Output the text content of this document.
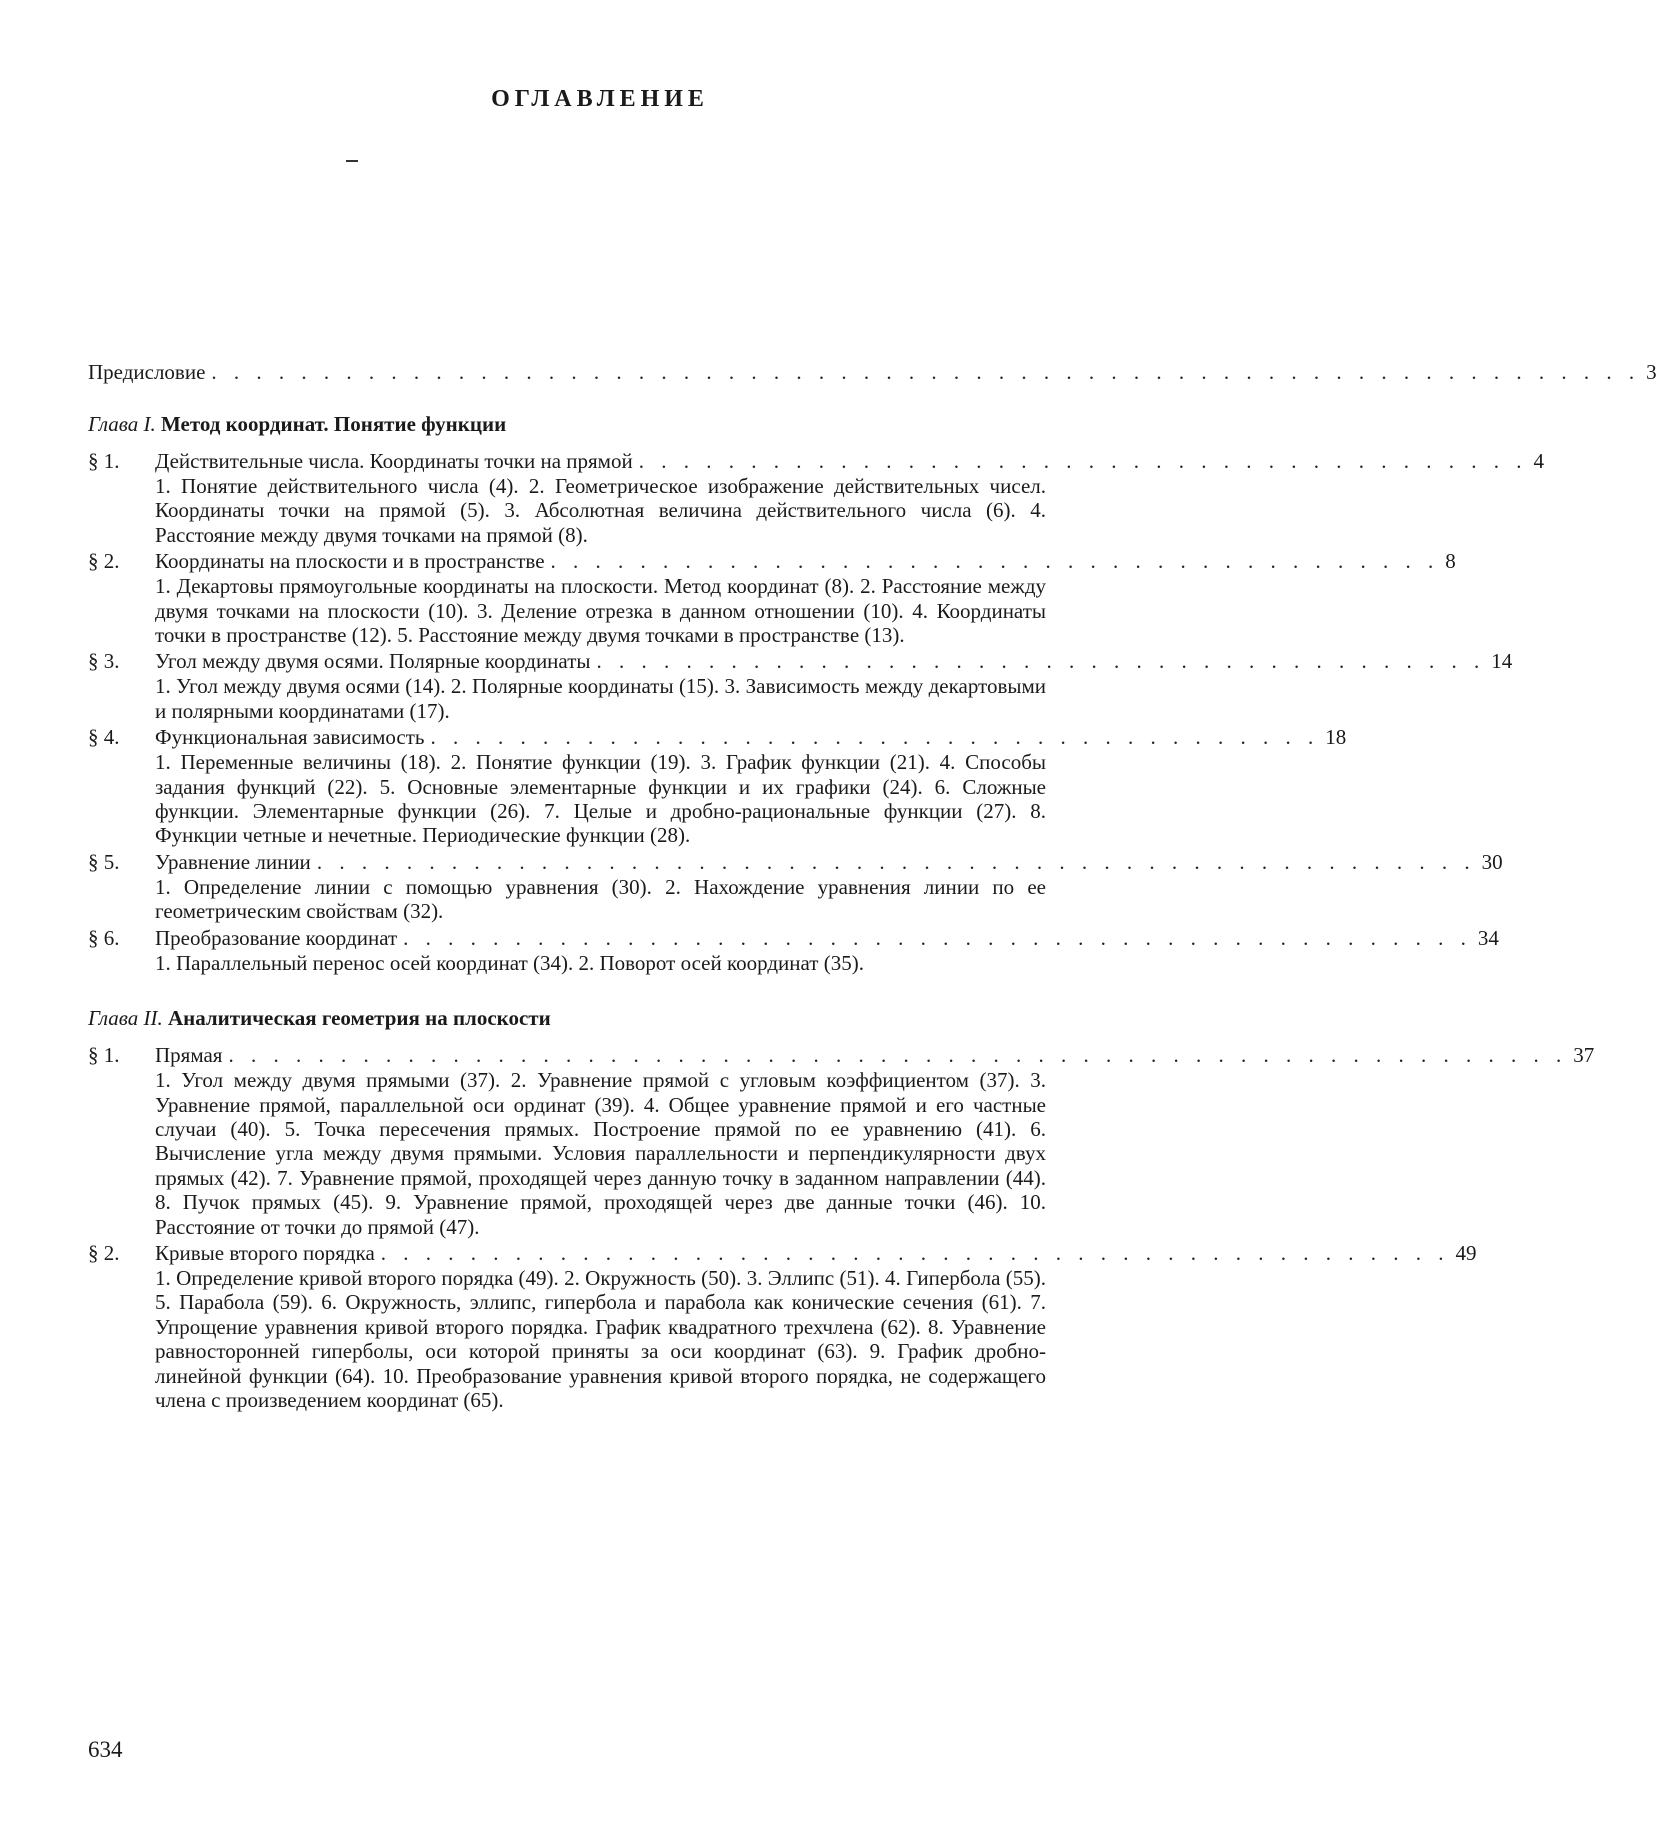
ОГЛАВЛЕНИЕ
Предисловие . . . . . . . . . . . . . . . . . . . . . . . . . . . . . . . . . . . . . . . . . . . . . . . . . . . . . . . . . . . . . . . . 3
Глава I. Метод координат. Понятие функции
§ 1. Действительные числа. Координаты точки на прямой . . . . . . . . . . . . . . . . . . . . . . . . . . . . . . . . . . . . . . . . 4
1. Понятие действительного числа (4). 2. Геометрическое изображение действительных чисел. Координаты точки на прямой (5). 3. Абсолютная величина действительного числа (6). 4. Расстояние между двумя точками на прямой (8).
§ 2. Координаты на плоскости и в пространстве . . . . . . . . . . . . . . . . . . . . . . . . . . . . . . . . . . . . . . . . 8
1. Декартовы прямоугольные координаты на плоскости. Метод координат (8). 2. Расстояние между двумя точками на плоскости (10). 3. Деление отрезка в данном отношении (10). 4. Координаты точки в пространстве (12). 5. Расстояние между двумя точками в пространстве (13).
§ 3. Угол между двумя осями. Полярные координаты . . . . . . . . . . . . . . . . . . . . . . . . . . . . . . . . . . . . . . . . 14
1. Угол между двумя осями (14). 2. Полярные координаты (15). 3. Зависимость между декартовыми и полярными координатами (17).
§ 4. Функциональная зависимость . . . . . . . . . . . . . . . . . . . . . . . . . . . . . . . . . . . . . . . . 18
1. Переменные величины (18). 2. Понятие функции (19). 3. График функции (21). 4. Способы задания функций (22). 5. Основные элементарные функции и их графики (24). 6. Сложные функции. Элементарные функции (26). 7. Целые и дробно-рациональные функции (27). 8. Функции четные и нечетные. Периодические функции (28).
§ 5. Уравнение линии . . . . . . . . . . . . . . . . . . . . . . . . . . . . . . . . . . . . . . . . . . . . . . . . . . . . 30
1. Определение линии с помощью уравнения (30). 2. Нахождение уравнения линии по ее геометрическим свойствам (32).
§ 6. Преобразование координат . . . . . . . . . . . . . . . . . . . . . . . . . . . . . . . . . . . . . . . . . . . . . . . . 34
1. Параллельный перенос осей координат (34). 2. Поворот осей координат (35).
Глава II. Аналитическая геометрия на плоскости
§ 1. Прямая . . . . . . . . . . . . . . . . . . . . . . . . . . . . . . . . . . . . . . . . . . . . . . . . . . . . . . . . . . . . 37
1. Угол между двумя прямыми (37). 2. Уравнение прямой с угловым коэффициентом (37). 3. Уравнение прямой, параллельной оси ординат (39). 4. Общее уравнение прямой и его частные случаи (40). 5. Точка пересечения прямых. Построение прямой по ее уравнению (41). 6. Вычисление угла между двумя прямыми. Условия параллельности и перпендикулярности двух прямых (42). 7. Уравнение прямой, проходящей через данную точку в заданном направлении (44). 8. Пучок прямых (45). 9. Уравнение прямой, проходящей через две данные точки (46). 10. Расстояние от точки до прямой (47).
§ 2. Кривые второго порядка . . . . . . . . . . . . . . . . . . . . . . . . . . . . . . . . . . . . . . . . . . . . . . . . 49
1. Определение кривой второго порядка (49). 2. Окружность (50). 3. Эллипс (51). 4. Гипербола (55). 5. Парабола (59). 6. Окружность, эллипс, гипербола и парабола как конические сечения (61). 7. Упрощение уравнения кривой второго порядка. График квадратного трехчлена (62). 8. Уравнение равносторонней гиперболы, оси которой приняты за оси координат (63). 9. График дробно-линейной функции (64). 10. Преобразование уравнения кривой второго порядка, не содержащего члена с произведением координат (65).
634
